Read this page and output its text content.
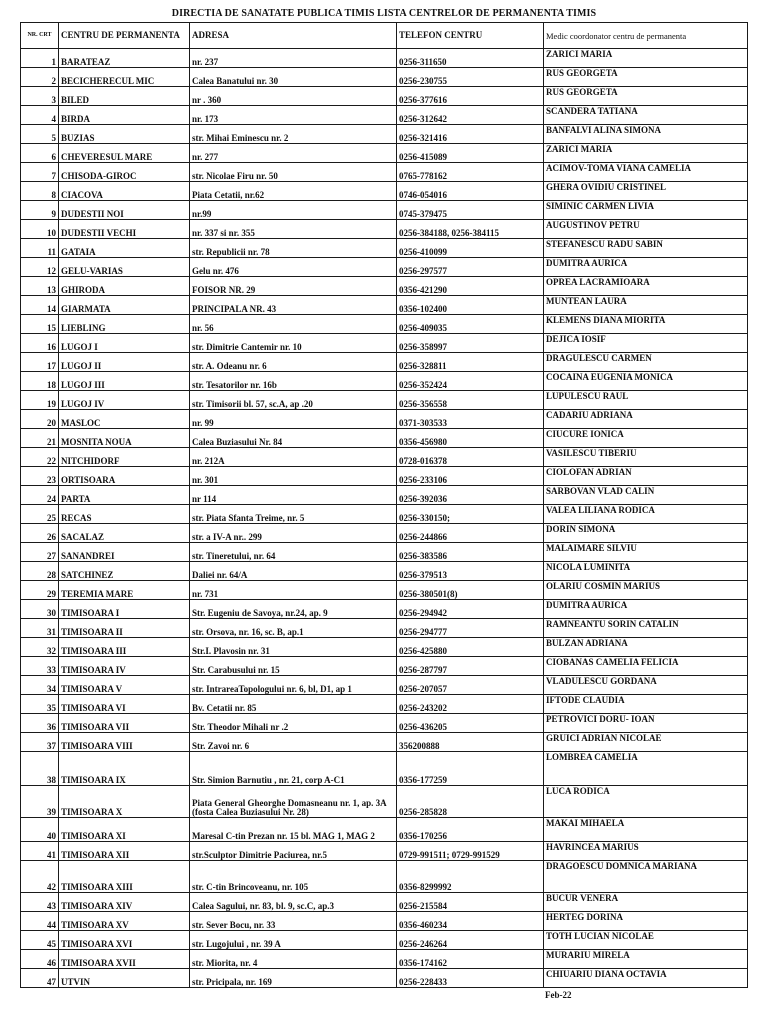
DIRECTIA DE SANATATE PUBLICA TIMIS LISTA CENTRELOR DE PERMANENTA TIMIS
NR. CRT	CENTRU DE PERMANENTA	ADRESA	TELEFON CENTRU	Medic coordonator centru de permanenta
1	BARATEAZ	nr. 237	0256-311650	ZARICI MARIA
2	BECICHERECUL MIC	Calea Banatului nr. 30	0256-230755	RUS GEORGETA
3	BILED	nr . 360	0256-377616	RUS GEORGETA
4	BIRDA	nr. 173	0256-312642	SCANDERA TATIANA
5	BUZIAS	str. Mihai Eminescu nr. 2	0256-321416	BANFALVI ALINA SIMONA
6	CHEVERESUL MARE	nr. 277	0256-415089	ZARICI MARIA
7	CHISODA-GIROC	str. Nicolae Firu nr. 50	0765-778162	ACIMOV-TOMA VIANA CAMELIA
8	CIACOVA	Piata Cetatii, nr.62	0746-054016	GHERA OVIDIU CRISTINEL
9	DUDESTII NOI	nr.99	0745-379475	SIMINIC CARMEN LIVIA
10	DUDESTII VECHI	nr. 337 si nr. 355	0256-384188, 0256-384115	AUGUSTINOV PETRU
11	GATAIA	str. Republicii nr. 78	0256-410099	STEFANESCU RADU SABIN
12	GELU-VARIAS	Gelu nr. 476	0256-297577	DUMITRA AURICA
13	GHIRODA	FOISOR NR. 29	0356-421290	OPREA LACRAMIOARA
14	GIARMATA	PRINCIPALA NR. 43	0356-102400	MUNTEAN LAURA
15	LIEBLING	nr. 56	0256-409035	KLEMENS DIANA MIORITA
16	LUGOJ I	str. Dimitrie Cantemir nr. 10	0256-358997	DEJICA IOSIF
17	LUGOJ II	str. A. Odeanu nr. 6	0256-328811	DRAGULESCU CARMEN
18	LUGOJ III	str. Tesatorilor nr. 16b	0256-352424	COCAINA EUGENIA MONICA
19	LUGOJ IV	str. Timisorii bl. 57, sc.A, ap .20	0256-356558	LUPULESCU RAUL
20	MASLOC	nr. 99	0371-303533	CADARIU ADRIANA
21	MOSNITA NOUA	Calea Buziasului Nr. 84	0356-456980	CIUCURE IONICA
22	NITCHIDORF	nr. 212A	0728-016378	VASILESCU TIBERIU
23	ORTISOARA	nr. 301	0256-233106	CIOLOFAN ADRIAN
24	PARTA	nr 114	0256-392036	SARBOVAN VLAD CALIN
25	RECAS	str. Piata Sfanta Treime, nr. 5	0256-330150;	VALEA LILIANA RODICA
26	SACALAZ	str. a IV-A nr.. 299	0256-244866	DORIN SIMONA
27	SANANDREI	str. Tineretului, nr. 64	0256-383586	MALAIMARE SILVIU
28	SATCHINEZ	Daliei nr. 64/A	0256-379513	NICOLA LUMINITA
29	TEREMIA MARE	nr. 731	0256-380501(8)	OLARIU COSMIN MARIUS
30	TIMISOARA I	Str. Eugeniu de Savoya, nr.24, ap. 9	0256-294942	DUMITRA AURICA
31	TIMISOARA II	str. Orsova, nr. 16, sc. B, ap.1	0256-294777	RAMNEANTU SORIN CATALIN
32	TIMISOARA III	Str.I. Plavosin nr. 31	0256-425880	BULZAN ADRIANA
33	TIMISOARA IV	Str. Carabusului nr. 15	0256-287797	CIOBANAS CAMELIA FELICIA
34	TIMISOARA V	str. IntrareaTopologului nr. 6, bl, D1, ap 1	0256-207057	VLADULESCU GORDANA
35	TIMISOARA VI	Bv. Cetatii nr. 85	0256-243202	IFTODE CLAUDIA
36	TIMISOARA VII	Str. Theodor Mihali nr .2	0256-436205	PETROVICI DORU- IOAN
37	TIMISOARA VIII	Str. Zavoi nr. 6	356200888	GRUICI ADRIAN NICOLAE
38	TIMISOARA IX	Str. Simion Barnutiu , nr. 21, corp A-C1	0356-177259	LOMBREA CAMELIA
39	TIMISOARA X	Piata General Gheorghe Domasneanu nr. 1, ap. 3A (fosta Calea Buziasului Nr. 28)	0256-285828	LUCA RODICA
40	TIMISOARA XI	Maresal C-tin Prezan nr. 15 bl. MAG 1, MAG 2	0356-170256	MAKAI MIHAELA
41	TIMISOARA XII	str.Sculptor Dimitrie Paciurea, nr.5	0729-991511; 0729-991529	HAVRINCEA MARIUS
42	TIMISOARA XIII	str. C-tin Brincoveanu, nr. 105	0356-8299992	DRAGOESCU DOMNICA MARIANA
43	TIMISOARA XIV	Calea Sagului, nr. 83, bl. 9, sc.C, ap.3	0256-215584	BUCUR VENERA
44	TIMISOARA XV	str. Sever Bocu, nr. 33	0356-460234	HERTEG DORINA
45	TIMISOARA XVI	str. Lugojului , nr. 39 A	0256-246264	TOTH LUCIAN NICOLAE
46	TIMISOARA XVII	str. Miorita, nr. 4	0356-174162	MURARIU MIRELA
47	UTVIN	str. Pricipala, nr. 169	0256-228433	CHIUARIU DIANA OCTAVIA
Feb-22
